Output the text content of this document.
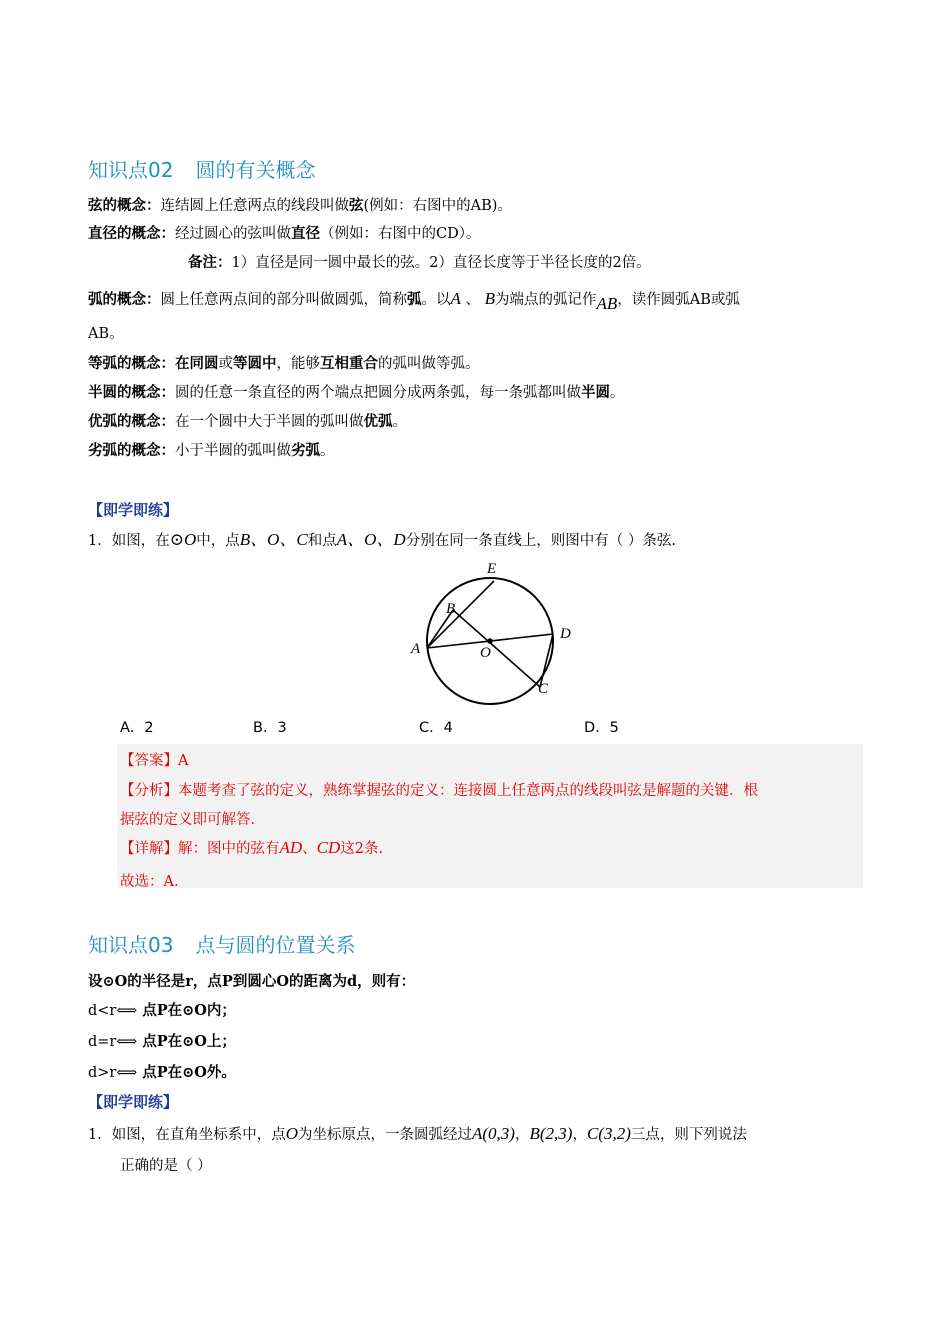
知识点02 圆的有关概念
弦的概念：连结圆上任意两点的线段叫做弦(例如：右图中的AB)。
直径的概念：经过圆心的弦叫做直径（例如：右图中的CD）。
备注：1）直径是同一圆中最长的弦。2）直径长度等于半径长度的2倍。
弧的概念：圆上任意两点间的部分叫做圆弧，简称弧。以A 、 B为端点的弧记作AB，读作圆弧AB或弧
AB。
等弧的概念：在同圆或等圆中，能够互相重合的弧叫做等弧。
半圆的概念：圆的任意一条直径的两个端点把圆分成两条弧，每一条弧都叫做半圆。
优弧的概念：在一个圆中大于半圆的弧叫做优弧。
劣弧的概念：小于半圆的弧叫做劣弧。
【即学即练】
1．如图，在⊙O中，点B、O、C和点A、O、D分别在同一条直线上，则图中有（ ）条弦.
E
B
A	O
D
C
A．2	B．3	C．4	D．5
【答案】A
【分析】本题考查了弦的定义，熟练掌握弦的定义：连接圆上任意两点的线段叫弦是解题的关键．根
据弦的定义即可解答.
【详解】解：图中的弦有AD、CD这2条.
故选：A.
知识点03 点与圆的位置关系
设⊙O的半径是r，点P到圆心O的距离为d，则有：
d<r⟺ 点P在⊙O内；
d=r⟺ 点P在⊙O上；
d>r⟺ 点P在⊙O外。
【即学即练】
1．如图，在直角坐标系中，点O为坐标原点，一条圆弧经过A(0,3)，B(2,3)，C(3,2)三点，则下列说法
正确的是（ ）
